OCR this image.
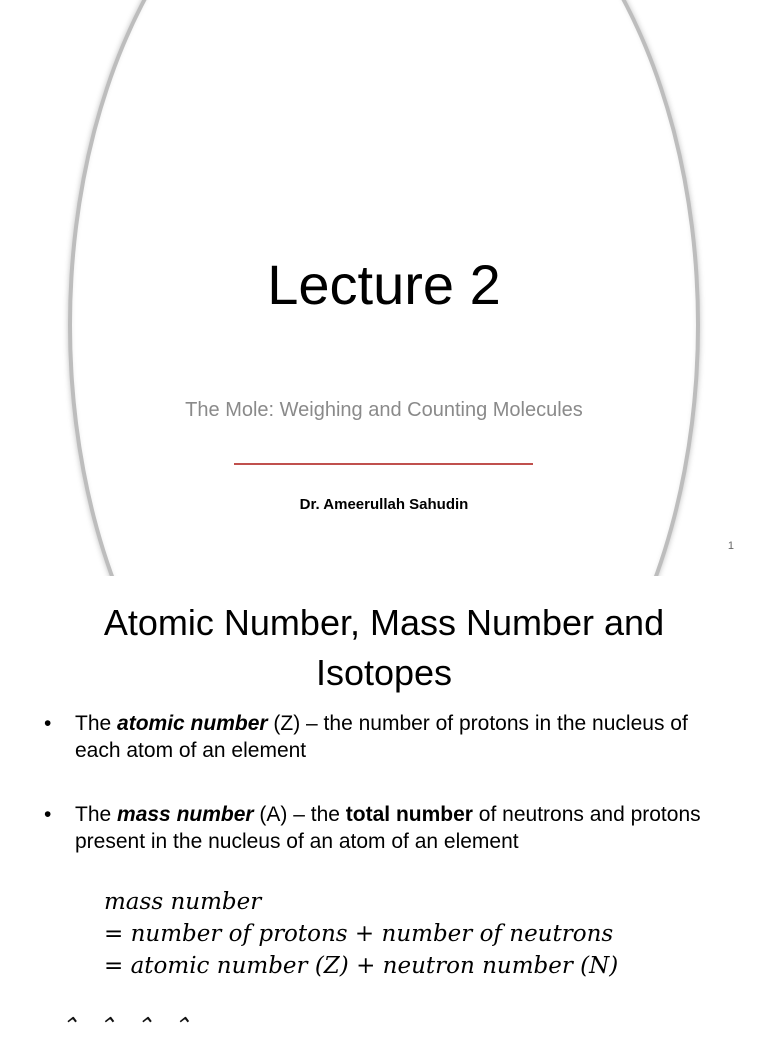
Lecture 2
The Mole: Weighing and Counting Molecules
Dr. Ameerullah Sahudin
1
Atomic Number, Mass Number and Isotopes
• The atomic number (Z) – the number of protons in the nucleus of each atom of an element
• The mass number (A) – the total number of neutrons and protons present in the nucleus of an atom of an element
mass number
= number of protons + number of neutrons
= atomic number (Z) + neutron number (N)
⌃ ⌃ ⌃ ⌃
